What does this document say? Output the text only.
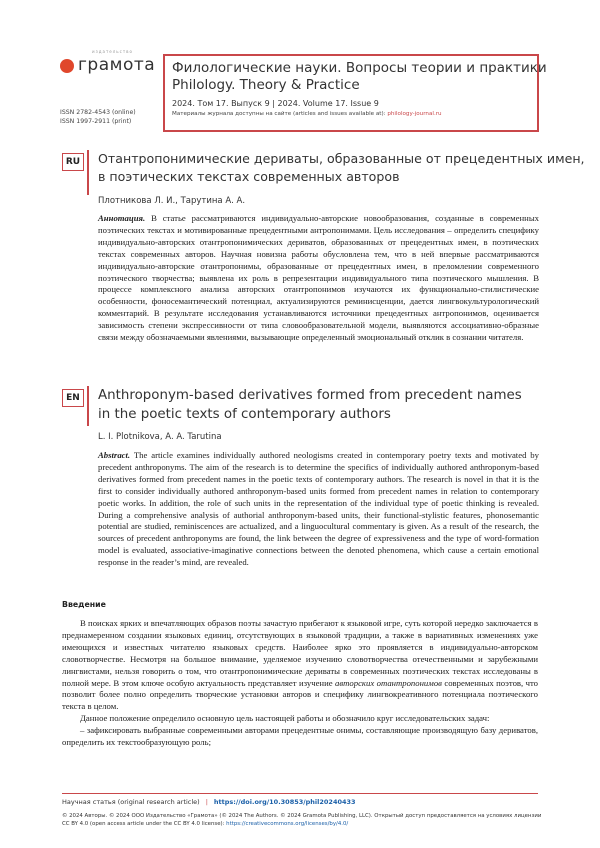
издательство
грамота
ISSN 2782-4543 (online)
ISSN 1997-2911 (print)
Филологические науки. Вопросы теории и практики
Philology. Theory & Practice
2024. Том 17. Выпуск 9 | 2024. Volume 17. Issue 9
Материалы журнала доступны на сайте (articles and issues available at): philology-journal.ru
RU	Отантропонимические дериваты, образованные от прецедентных имен,
в поэтических текстах современных авторов
Плотникова Л. И., Тарутина А. А.
Аннотация. В статье рассматриваются индивидуально-авторские новообразования, созданные в современных поэтических текстах и мотивированные прецедентными антропонимами. Цель исследования – определить специфику индивидуально-авторских отантропонимических дериватов, образованных от прецедентных имен, в поэтических текстах современных авторов. Научная новизна работы обусловлена тем, что в ней впервые рассматриваются индивидуально-авторские отантропонимы, образованные от прецедентных имен, в преломлении современного поэтического творчества; выявлена их роль в репрезентации индивидуального типа поэтического мышления. В процессе комплексного анализа авторских отантропонимов изучаются их функционально-стилистические особенности, фоносемантический потенциал, актуализируются реминисценции, дается лингвокультурологический комментарий. В результате исследования устанавливаются источники прецедентных антропонимов, оценивается зависимость степени экспрессивности от типа словообразовательной модели, выявляются ассоциативно-образные связи между обозначаемыми явлениями, вызывающие определенный эмоциональный отклик в сознании читателя.
EN	Anthroponym-based derivatives formed from precedent names
in the poetic texts of contemporary authors
L. I. Plotnikova, A. A. Tarutina
Abstract. The article examines individually authored neologisms created in contemporary poetry texts and motivated by precedent anthroponyms. The aim of the research is to determine the specifics of individually authored anthroponym-based derivatives formed from precedent names in the poetic texts of contemporary authors. The research is novel in that it is the first to consider individually authored anthroponym-based units formed from precedent names in relation to contemporary poetic works. In addition, the role of such units in the representation of the individual type of poetic thinking is revealed. During a comprehensive analysis of authorial anthroponym-based units, their functional-stylistic features, phonosemantic potential are studied, reminiscences are actualized, and a linguocultural commentary is given. As a result of the research, the sources of precedent anthroponyms are found, the link between the degree of expressiveness and the type of word-formation model is evaluated, associative-imaginative connections between the denoted phenomena, which cause a certain emotional response in the reader’s mind, are revealed.
Введение

В поисках ярких и впечатляющих образов поэты зачастую прибегают к языковой игре, суть которой нередко заключается в преднамеренном создании языковых единиц, отсутствующих в языковой традиции, а также в вариативных изменениях уже имеющихся и известных читателю языковых средств. Наиболее ярко это проявляется в индивидуально-авторском словотворчестве. Несмотря на большое внимание, уделяемое изучению словотворчества отечественными и зарубежными лингвистами, нельзя говорить о том, что отантропонимические дериваты в современных поэтических текстах исследованы в полной мере. В этом ключе особую актуальность представляет изучение авторских отантропонимов современных поэтов, что позволит более полно определить творческие установки авторов и специфику лингвокреативного потенциала поэтического текста в целом.

Данное положение определило основную цель настоящей работы и обозначило круг исследовательских задач:

– зафиксировать выбранные современными авторами прецедентные онимы, составляющие производящую базу дериватов, определить их текстообразующую роль;

Научная статья (original research article) | https://doi.org/10.30853/phil20240433
© 2024 Авторы. © 2024 ООО Издательство «Грамота» (© 2024 The Authors. © 2024 Gramota Publishing, LLC). Открытый доступ предоставляется на условиях лицензии CC BY 4.0 (open access article under the CC BY 4.0 license): https://creativecommons.org/licenses/by/4.0/
